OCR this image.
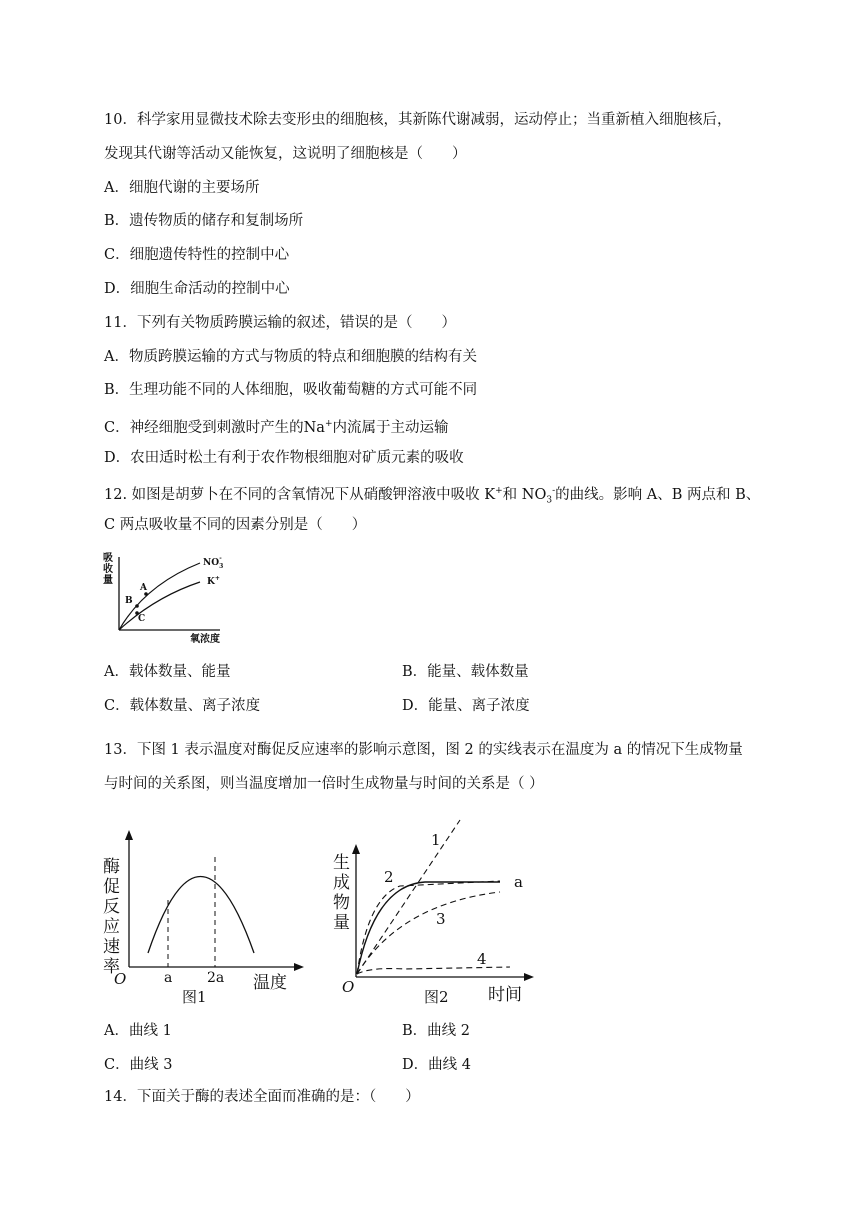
10．科学家用显微技术除去变形虫的细胞核，其新陈代谢减弱，运动停止；当重新植入细胞核后，
发现其代谢等活动又能恢复，这说明了细胞核是（　　）
A．细胞代谢的主要场所
B．遗传物质的储存和复制场所
C．细胞遗传特性的控制中心
D．细胞生命活动的控制中心
11．下列有关物质跨膜运输的叙述，错误的是（　　）
A．物质跨膜运输的方式与物质的特点和细胞膜的结构有关
B．生理功能不同的人体细胞，吸收葡萄糖的方式可能不同
C．神经细胞受到刺激时产生的Na+内流属于主动运输
D．农田适时松土有利于农作物根细胞对矿质元素的吸收
12. 如图是胡萝卜在不同的含氧情况下从硝酸钾溶液中吸收 K+和 $NO_3^-$的曲线。影响 A、B 两点和 B、
C 两点吸收量不同的因素分别是（　　）
吸
收
量
A
B
C
$NO_3-$
K+
氧浓度
A．载体数量、能量	B．能量、载体数量
C．载体数量、离子浓度	D．能量、离子浓度
13．下图 1 表示温度对酶促反应速率的影响示意图，图 2 的实线表示在温度为 a 的情况下生成物量
与时间的关系图，则当温度增加一倍时生成物量与时间的关系是（ ）
酶
促
反
应
速
率
O	a 2a 温度
图1
生
成
物
量
1
2
3
4
a
O
图2 时间
A．曲线 1	B．曲线 2
C．曲线 3	D．曲线 4
14．下面关于酶的表述全面而准确的是：（　　）
